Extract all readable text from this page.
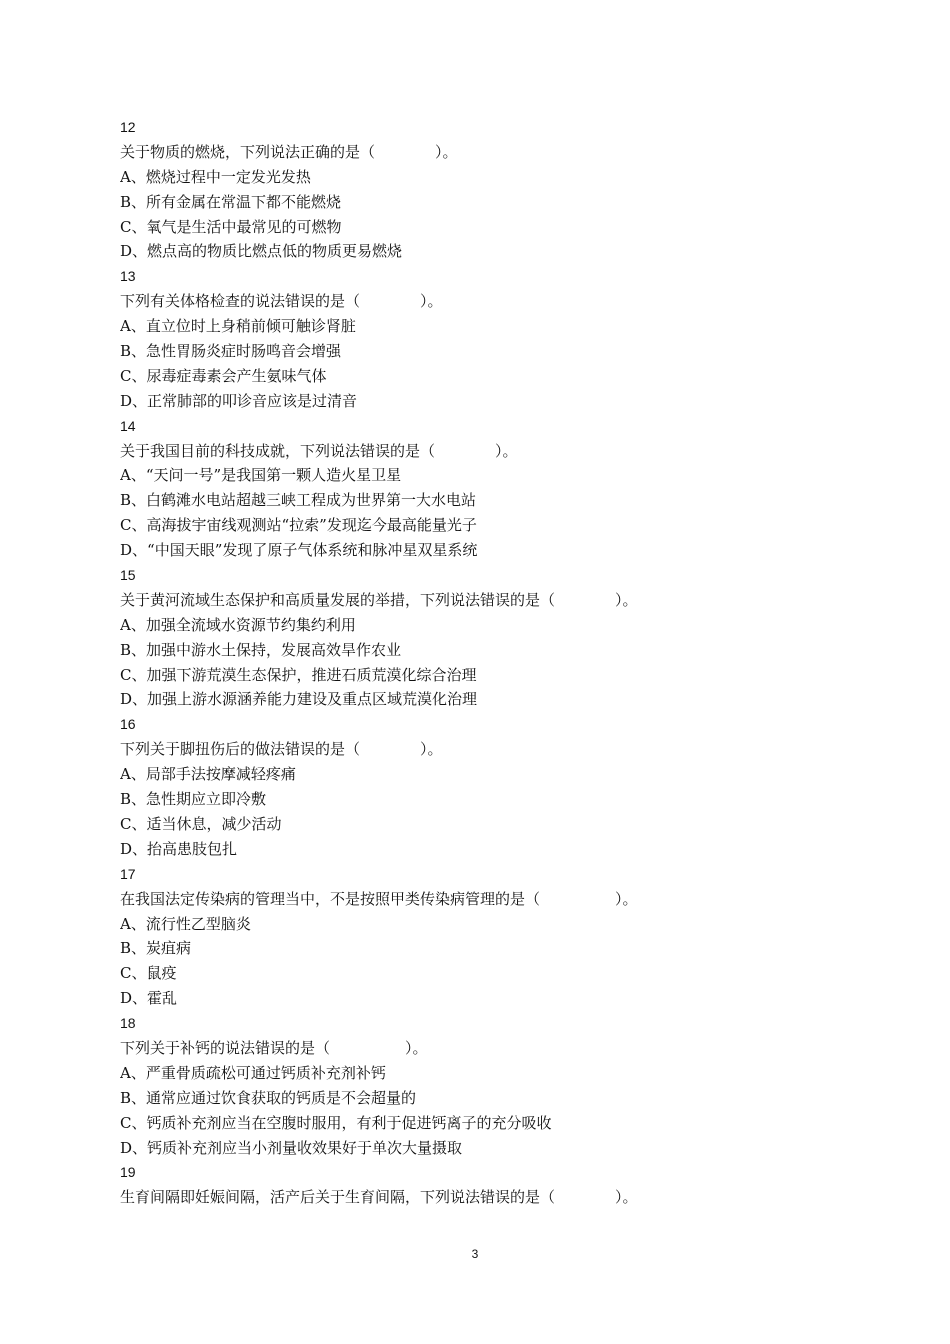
12
关于物质的燃烧，下列说法正确的是（　　　　）。
A、燃烧过程中一定发光发热
B、所有金属在常温下都不能燃烧
C、氧气是生活中最常见的可燃物
D、燃点高的物质比燃点低的物质更易燃烧
13
下列有关体格检查的说法错误的是（　　　　）。
A、直立位时上身稍前倾可触诊肾脏
B、急性胃肠炎症时肠鸣音会增强
C、尿毒症毒素会产生氨味气体
D、正常肺部的叩诊音应该是过清音
14
关于我国目前的科技成就，下列说法错误的是（　　　　）。
A、“天问一号”是我国第一颗人造火星卫星
B、白鹤滩水电站超越三峡工程成为世界第一大水电站
C、高海拔宇宙线观测站“拉索”发现迄今最高能量光子
D、“中国天眼”发现了原子气体系统和脉冲星双星系统
15
关于黄河流域生态保护和高质量发展的举措，下列说法错误的是（　　　　）。
A、加强全流域水资源节约集约利用
B、加强中游水土保持，发展高效旱作农业
C、加强下游荒漠生态保护，推进石质荒漠化综合治理
D、加强上游水源涵养能力建设及重点区域荒漠化治理
16
下列关于脚扭伤后的做法错误的是（　　　　）。
A、局部手法按摩减轻疼痛
B、急性期应立即冷敷
C、适当休息，减少活动
D、抬高患肢包扎
17
在我国法定传染病的管理当中，不是按照甲类传染病管理的是（　　　　　）。
A、流行性乙型脑炎
B、炭疽病
C、鼠疫
D、霍乱
18
下列关于补钙的说法错误的是（　　　　　）。
A、严重骨质疏松可通过钙质补充剂补钙
B、通常应通过饮食获取的钙质是不会超量的
C、钙质补充剂应当在空腹时服用，有利于促进钙离子的充分吸收
D、钙质补充剂应当小剂量收效果好于单次大量摄取
19
生育间隔即妊娠间隔，活产后关于生育间隔，下列说法错误的是（　　　　）。
3
